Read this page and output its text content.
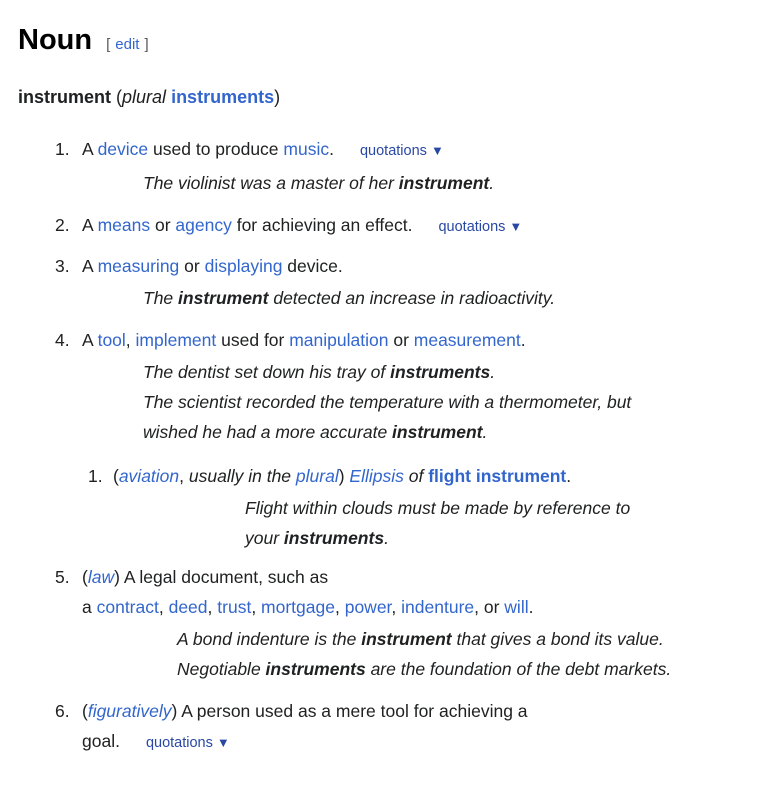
Noun [ edit ]

instrument (plural instruments)

1. A device used to produce music. quotations ▼
The violinist was a master of her instrument.
2. A means or agency for achieving an effect. quotations ▼
3. A measuring or displaying device.
The instrument detected an increase in radioactivity.
4. A tool, implement used for manipulation or measurement.
The dentist set down his tray of instruments.
The scientist recorded the temperature with a thermometer, but
wished he had a more accurate instrument.
1. (aviation, usually in the plural) Ellipsis of flight instrument.
Flight within clouds must be made by reference to
your instruments.
5. (law) A legal document, such as
a contract, deed, trust, mortgage, power, indenture, or will.
A bond indenture is the instrument that gives a bond its value.
Negotiable instruments are the foundation of the debt markets.
6. (figuratively) A person used as a mere tool for achieving a
goal. quotations ▼
